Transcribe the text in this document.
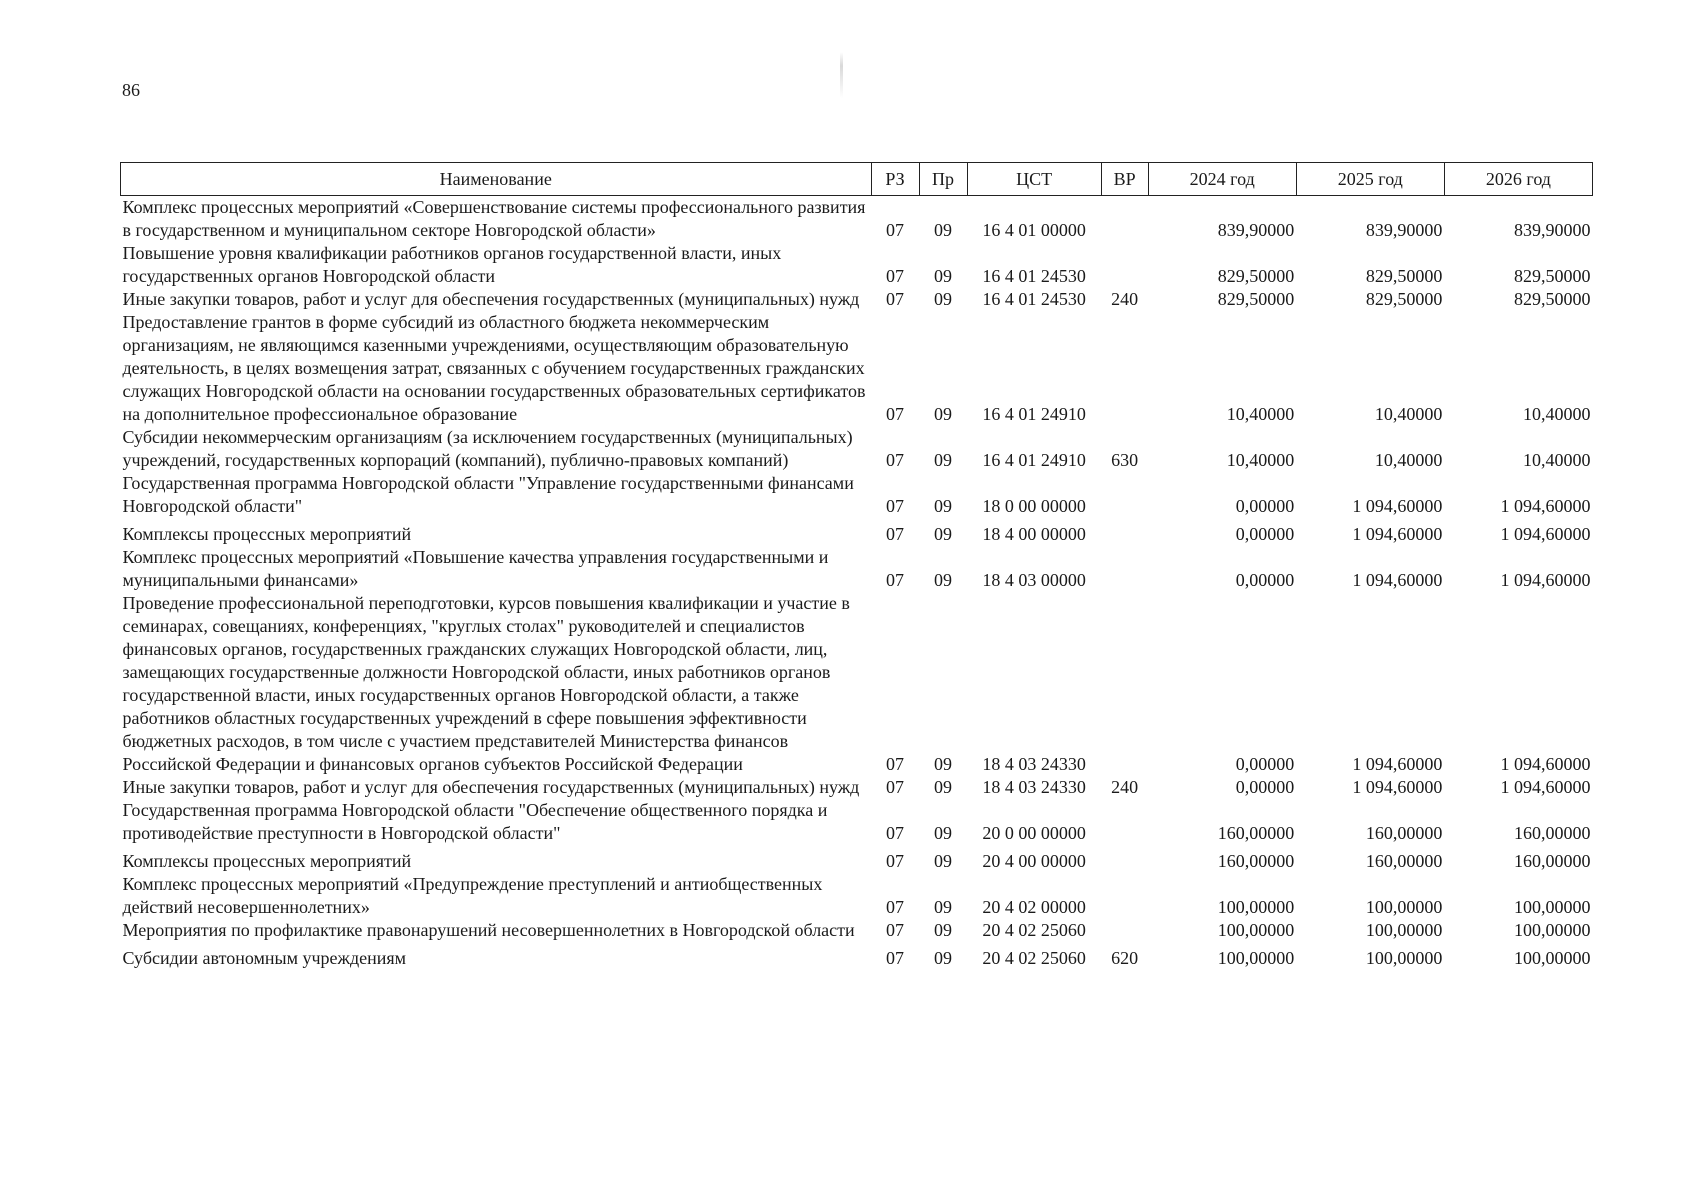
86
Наименование	РЗ	Пр	ЦСТ	ВР	2024 год	2025 год	2026 год
Комплекс процессных мероприятий «Совершенствование системы профессионального развития в государственном и муниципальном секторе Новгородской области»	07	09	16 4 01 00000		839,90000	839,90000	839,90000
Повышение уровня квалификации работников органов государственной власти, иных государственных органов Новгородской области	07	09	16 4 01 24530		829,50000	829,50000	829,50000
Иные закупки товаров, работ и услуг для обеспечения государственных (муниципальных) нужд	07	09	16 4 01 24530	240	829,50000	829,50000	829,50000
Предоставление грантов в форме субсидий из областного бюджета некоммерческим организациям, не являющимся казенными учреждениями, осуществляющим образовательную деятельность, в целях возмещения затрат, связанных с обучением государственных гражданских служащих Новгородской области на основании государственных образовательных сертификатов на дополнительное профессиональное образование	07	09	16 4 01 24910		10,40000	10,40000	10,40000
Субсидии некоммерческим организациям (за исключением государственных (муниципальных) учреждений, государственных корпораций (компаний), публично-правовых компаний)	07	09	16 4 01 24910	630	10,40000	10,40000	10,40000
Государственная программа Новгородской области "Управление государственными финансами Новгородской области"	07	09	18 0 00 00000		0,00000	1 094,60000	1 094,60000
Комплексы процессных мероприятий	07	09	18 4 00 00000		0,00000	1 094,60000	1 094,60000
Комплекс процессных мероприятий «Повышение качества управления государственными и муниципальными финансами»	07	09	18 4 03 00000		0,00000	1 094,60000	1 094,60000
Проведение профессиональной переподготовки, курсов повышения квалификации и участие в семинарах, совещаниях, конференциях, "круглых столах" руководителей и специалистов финансовых органов, государственных гражданских служащих Новгородской области, лиц, замещающих государственные должности Новгородской области, иных работников органов государственной власти, иных государственных органов Новгородской области, а также работников областных государственных учреждений в сфере повышения эффективности бюджетных расходов, в том числе с участием представителей Министерства финансов Российской Федерации и финансовых органов субъектов Российской Федерации	07	09	18 4 03 24330		0,00000	1 094,60000	1 094,60000
Иные закупки товаров, работ и услуг для обеспечения государственных (муниципальных) нужд	07	09	18 4 03 24330	240	0,00000	1 094,60000	1 094,60000
Государственная программа Новгородской области "Обеспечение общественного порядка и противодействие преступности в Новгородской области"	07	09	20 0 00 00000		160,00000	160,00000	160,00000
Комплексы процессных мероприятий	07	09	20 4 00 00000		160,00000	160,00000	160,00000
Комплекс процессных мероприятий «Предупреждение преступлений и антиобщественных действий несовершеннолетних»	07	09	20 4 02 00000		100,00000	100,00000	100,00000
Мероприятия по профилактике правонарушений несовершеннолетних в Новгородской области	07	09	20 4 02 25060		100,00000	100,00000	100,00000
Субсидии автономным учреждениям	07	09	20 4 02 25060	620	100,00000	100,00000	100,00000
